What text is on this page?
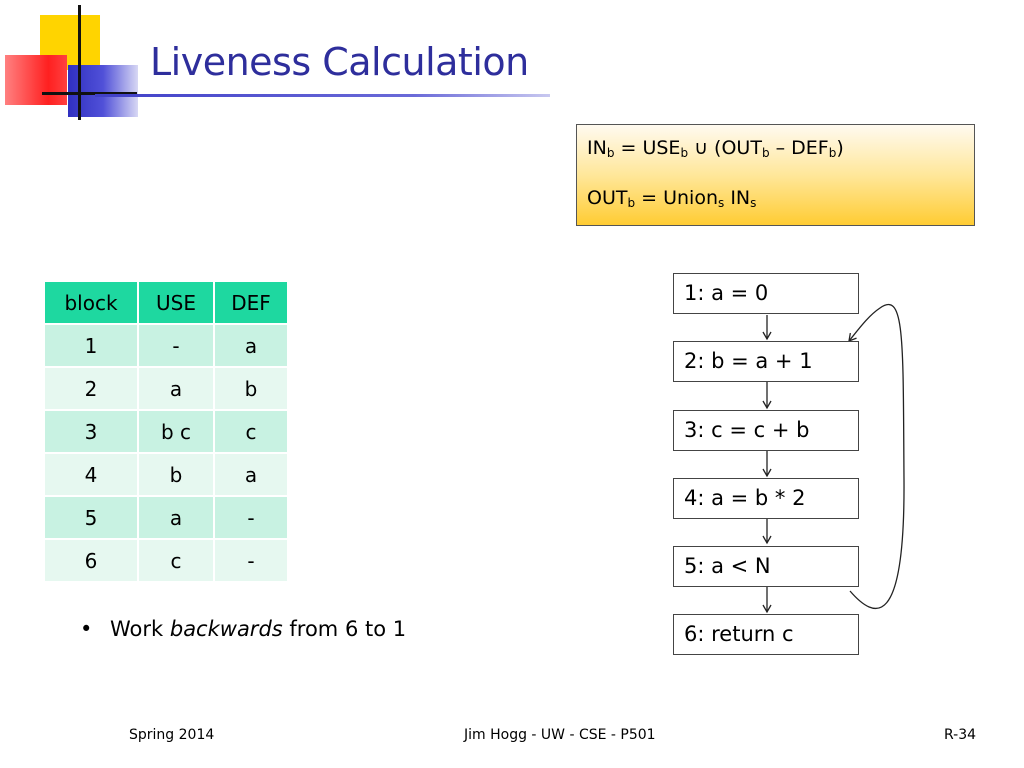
Liveness Calculation
$IN_b = USE_b$ ∪ $(OUT_b - DEF_b)$
$OUT_b$ = Union$_s$ $IN_s$
block	USE	DEF
1	-	a
2	a	b
3	b c	c
4	b	a
5	a	-
6	c	-
• Work backwards from 6 to 1
1: a = 0
2: b = a + 1
3: c = c + b
4: a = b * 2
5: a < N
6: return c
Spring 2014	Jim Hogg - UW - CSE - P501	R-34
